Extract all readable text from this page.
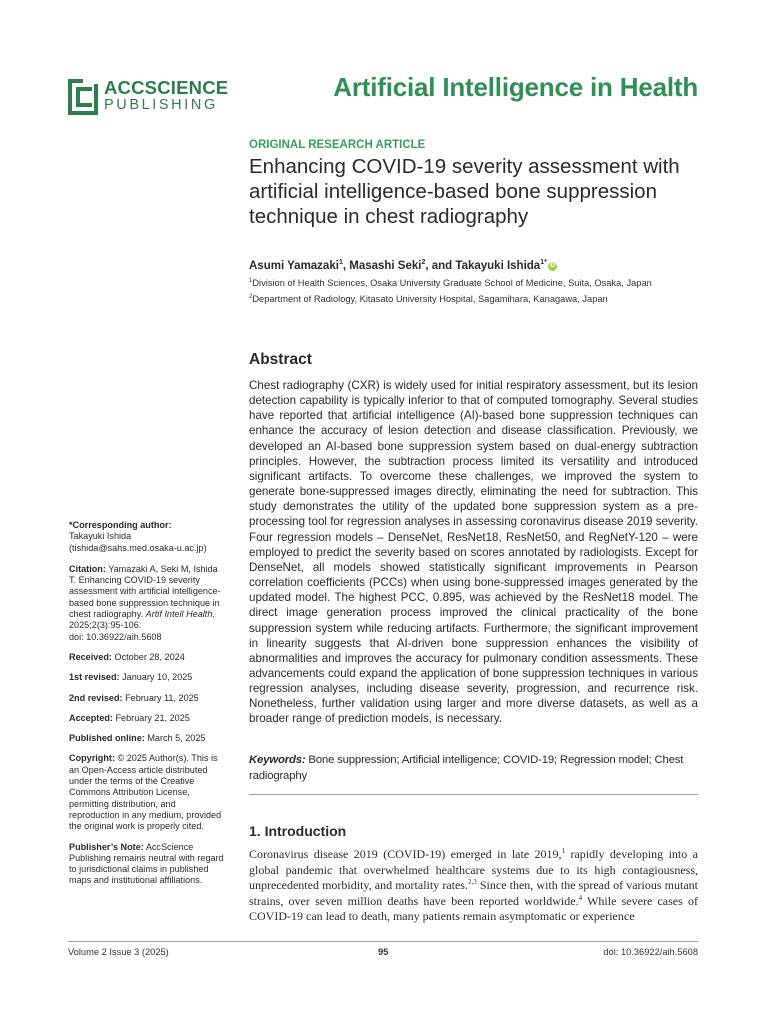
ACCSCIENCE
PUBLISHING
Artificial Intelligence in Health
ORIGINAL RESEARCH ARTICLE
Enhancing COVID-19 severity assessment with artificial intelligence-based bone suppression technique in chest radiography
Asumi Yamazaki$^1$, Masashi Seki$^2$, and Takayuki Ishida$^{1*}$ iD
$^1$Division of Health Sciences, Osaka University Graduate School of Medicine, Suita, Osaka, Japan
$^2$Department of Radiology, Kitasato University Hospital, Sagamihara, Kanagawa, Japan
Abstract

Chest radiography (CXR) is widely used for initial respiratory assessment, but its lesion detection capability is typically inferior to that of computed tomography. Several studies have reported that artificial intelligence (AI)-based bone suppression techniques can enhance the accuracy of lesion detection and disease classification. Previously, we developed an AI-based bone suppression system based on dual-energy subtraction principles. However, the subtraction process limited its versatility and introduced significant artifacts. To overcome these challenges, we improved the system to generate bone-suppressed images directly, eliminating the need for subtraction. This study demonstrates the utility of the updated bone suppression system as a pre-processing tool for regression analyses in assessing coronavirus disease 2019 severity. Four regression models – DenseNet, ResNet18, ResNet50, and RegNetY-120 – were employed to predict the severity based on scores annotated by radiologists. Except for DenseNet, all models showed statistically significant improvements in Pearson correlation coefficients (PCCs) when using bone-suppressed images generated by the updated model. The highest PCC, 0.895, was achieved by the ResNet18 model. The direct image generation process improved the clinical practicality of the bone suppression system while reducing artifacts. Furthermore, the significant improvement in linearity suggests that AI-driven bone suppression enhances the visibility of abnormalities and improves the accuracy for pulmonary condition assessments. These advancements could expand the application of bone suppression techniques in various regression analyses, including disease severity, progression, and recurrence risk. Nonetheless, further validation using larger and more diverse datasets, as well as a broader range of prediction models, is necessary.

Keywords: Bone suppression; Artificial intelligence; COVID-19; Regression model; Chest radiography
1. Introduction

Coronavirus disease 2019 (COVID-19) emerged in late 2019,$^1$ rapidly developing into a global pandemic that overwhelmed healthcare systems due to its high contagiousness, unprecedented morbidity, and mortality rates.$^{2,3}$ Since then, with the spread of various mutant strains, over seven million deaths have been reported worldwide.$^4$ While severe cases of COVID-19 can lead to death, many patients remain asymptomatic or experience

*Corresponding author:
Takayuki Ishida
(tishida@sahs.med.osaka-u.ac.jp)
Citation: Yamazaki A, Seki M, Ishida T. Enhancing COVID-19 severity assessment with artificial intelligence-based bone suppression technique in chest radiography. Artif Intell Health. 2025;2(3):95-106.
doi: 10.36922/aih.5608
Received: October 28, 2024
1st revised: January 10, 2025
2nd revised: February 11, 2025
Accepted: February 21, 2025
Published online: March 5, 2025
Copyright: © 2025 Author(s). This is an Open-Access article distributed under the terms of the Creative Commons Attribution License, permitting distribution, and reproduction in any medium, provided the original work is properly cited.
Publisher’s Note: AccScience Publishing remains neutral with regard to jurisdictional claims in published maps and institutional affiliations.
Volume 2 Issue 3 (2025)	95	doi: 10.36922/aih.5608
